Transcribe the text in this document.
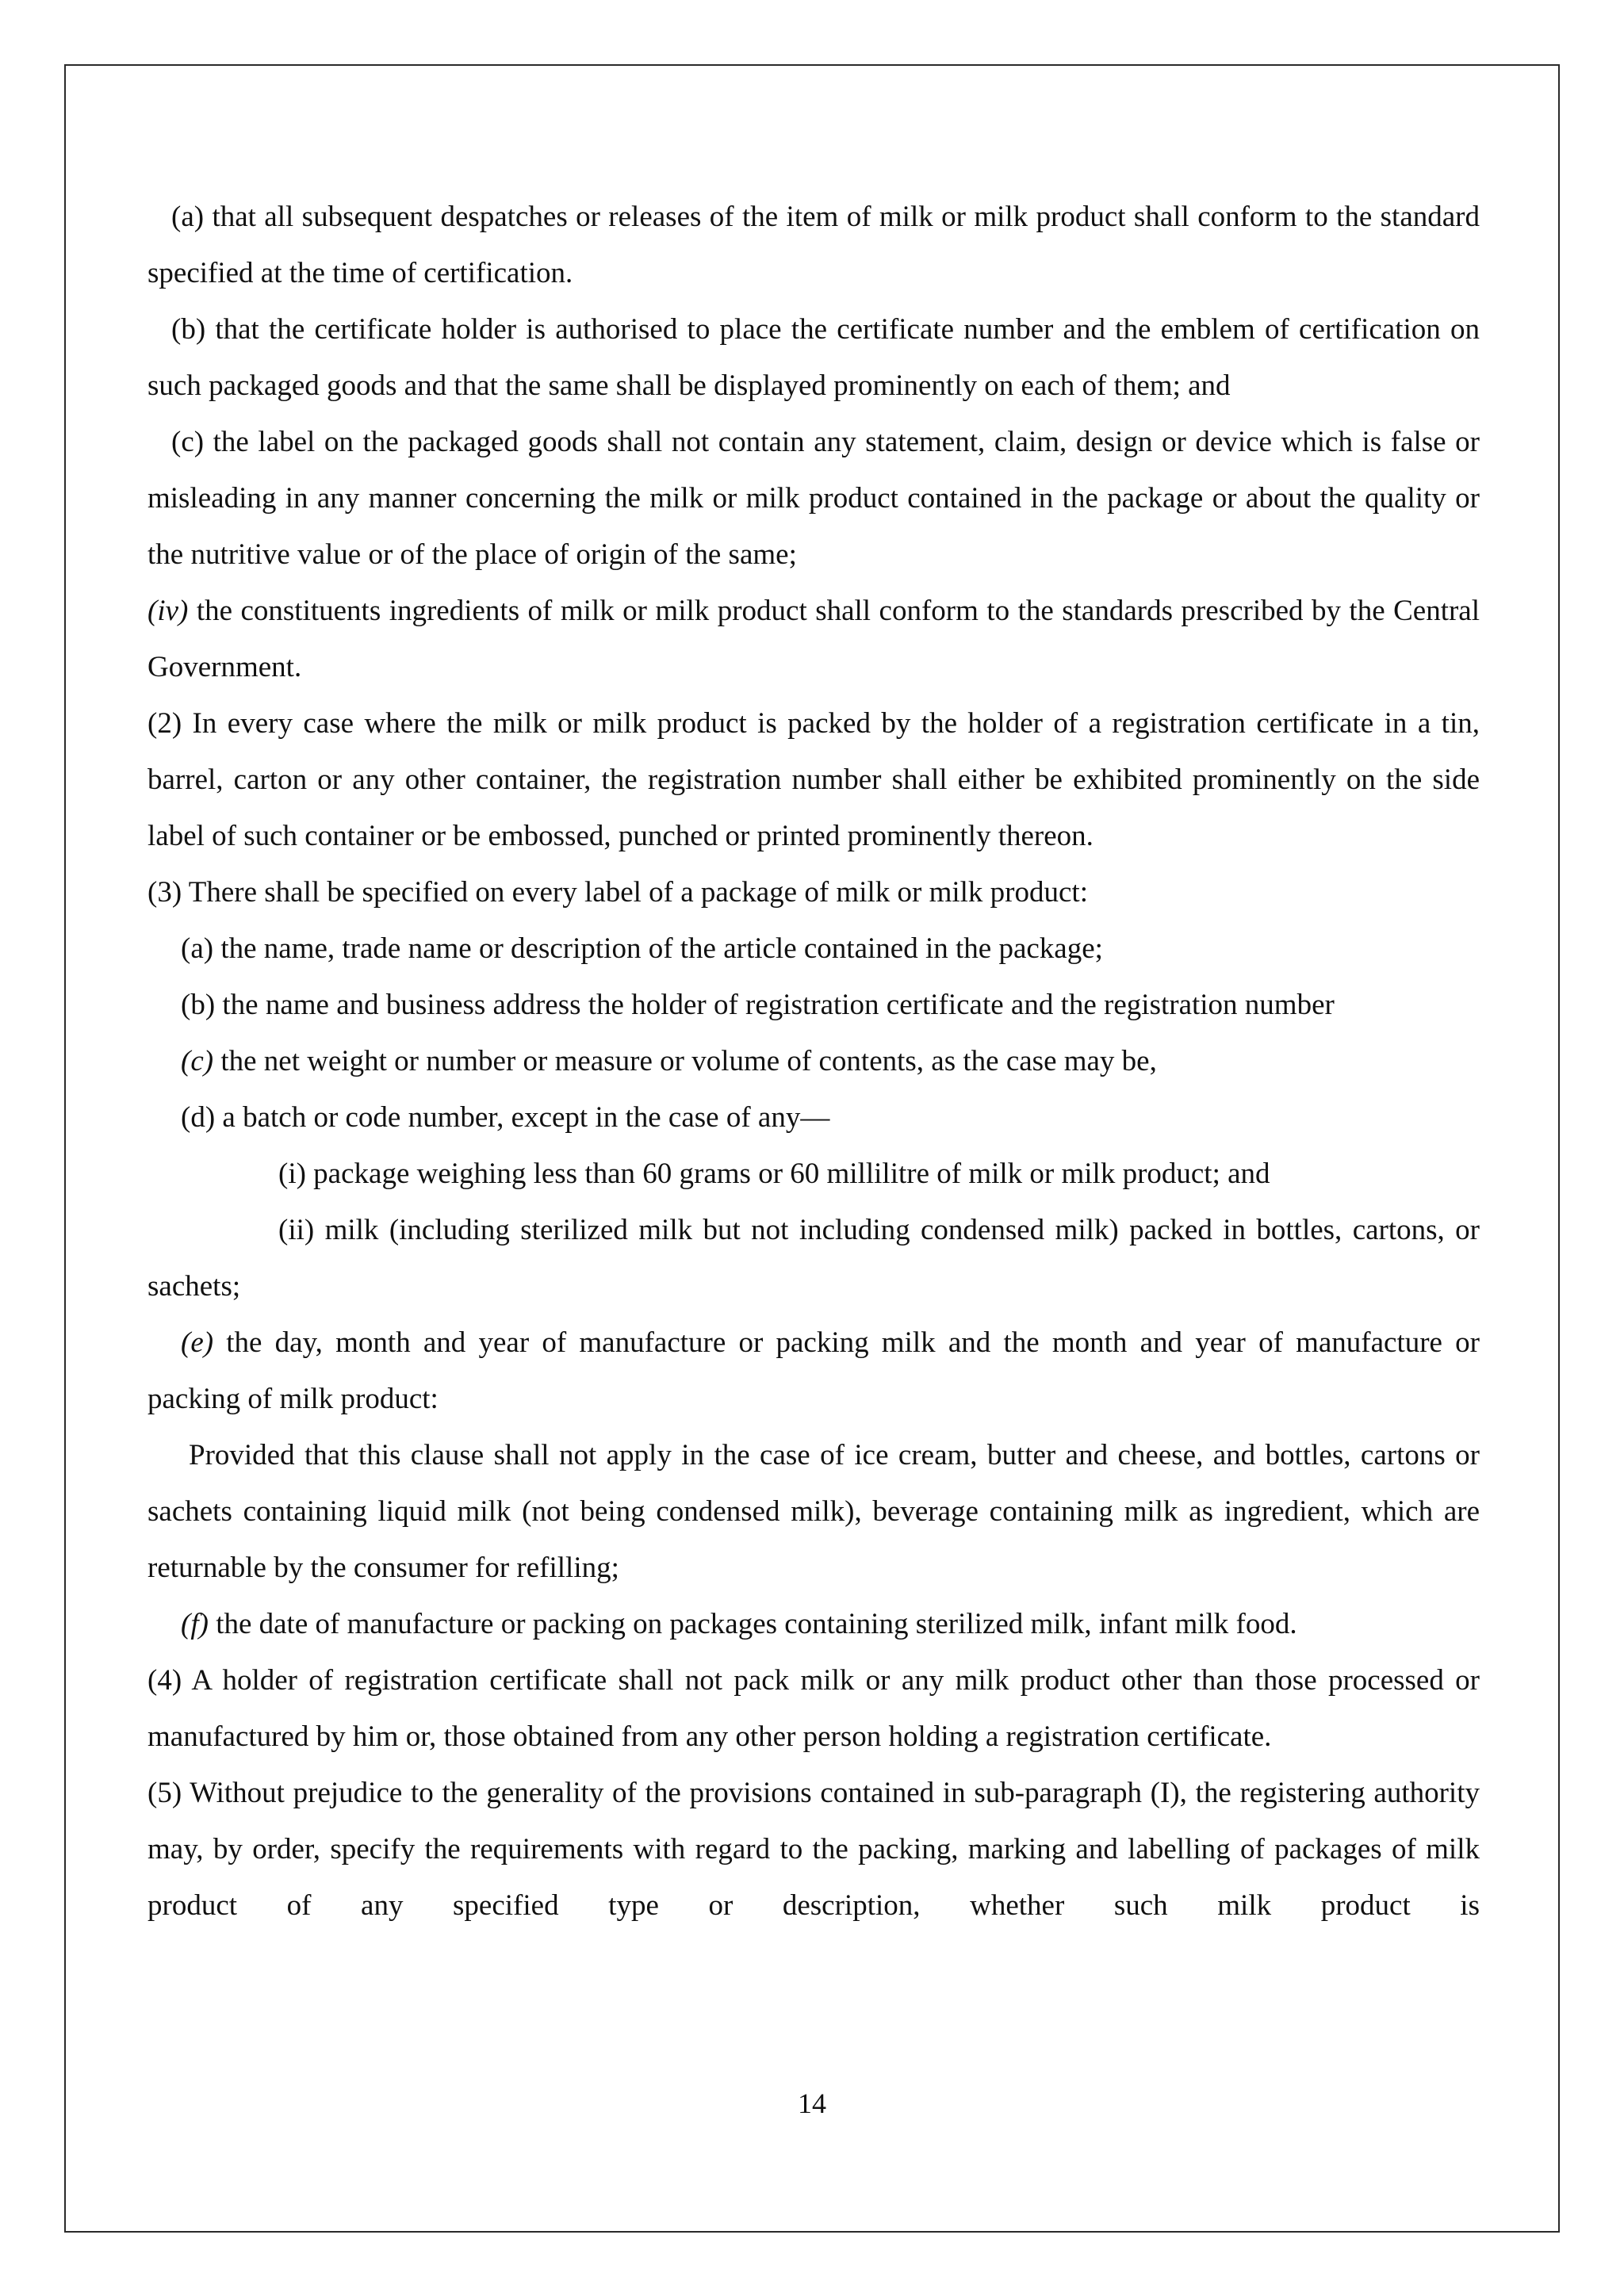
(a) that all subsequent despatches or releases of the item of milk or milk product shall conform to the standard specified at the time of certification.

(b) that the certificate holder is authorised to place the certificate number and the emblem of certification on such packaged goods and that the same shall be displayed prominently on each of them; and

(c) the label on the packaged goods shall not contain any statement, claim, design or device which is false or misleading in any manner concerning the milk or milk product contained in the package or about the quality or the nutritive value or of the place of origin of the same;

(iv) the constituents ingredients of milk or milk product shall conform to the standards prescribed by the Central Government.

(2) In every case where the milk or milk product is packed by the holder of a registration certificate in a tin, barrel, carton or any other container, the registration number shall either be exhibited prominently on the side label of such container or be embossed, punched or printed prominently thereon.

(3) There shall be specified on every label of a package of milk or milk product:

(a) the name, trade name or description of the article contained in the package;

(b) the name and business address the holder of registration certificate and the registration number

(c) the net weight or number or measure or volume of contents, as the case may be,

(d) a batch or code number, except in the case of any—

(i) package weighing less than 60 grams or 60 millilitre of milk or milk product; and

(ii) milk (including sterilized milk but not including condensed milk) packed in bottles, cartons, or sachets;

(e) the day, month and year of manufacture or packing milk and the month and year of manufacture or packing of milk product:

Provided that this clause shall not apply in the case of ice cream, butter and cheese, and bottles, cartons or sachets containing liquid milk (not being condensed milk), beverage containing milk as ingredient, which are returnable by the consumer for refilling;

(f) the date of manufacture or packing on packages containing sterilized milk, infant milk food.

(4) A holder of registration certificate shall not pack milk or any milk product other than those processed or manufactured by him or, those obtained from any other person holding a registration certificate.

(5) Without prejudice to the generality of the provisions contained in sub-paragraph (I), the registering authority may, by order, specify the requirements with regard to the packing, marking and labelling of packages of milk product of any specified type or description, whether such milk product is

14
